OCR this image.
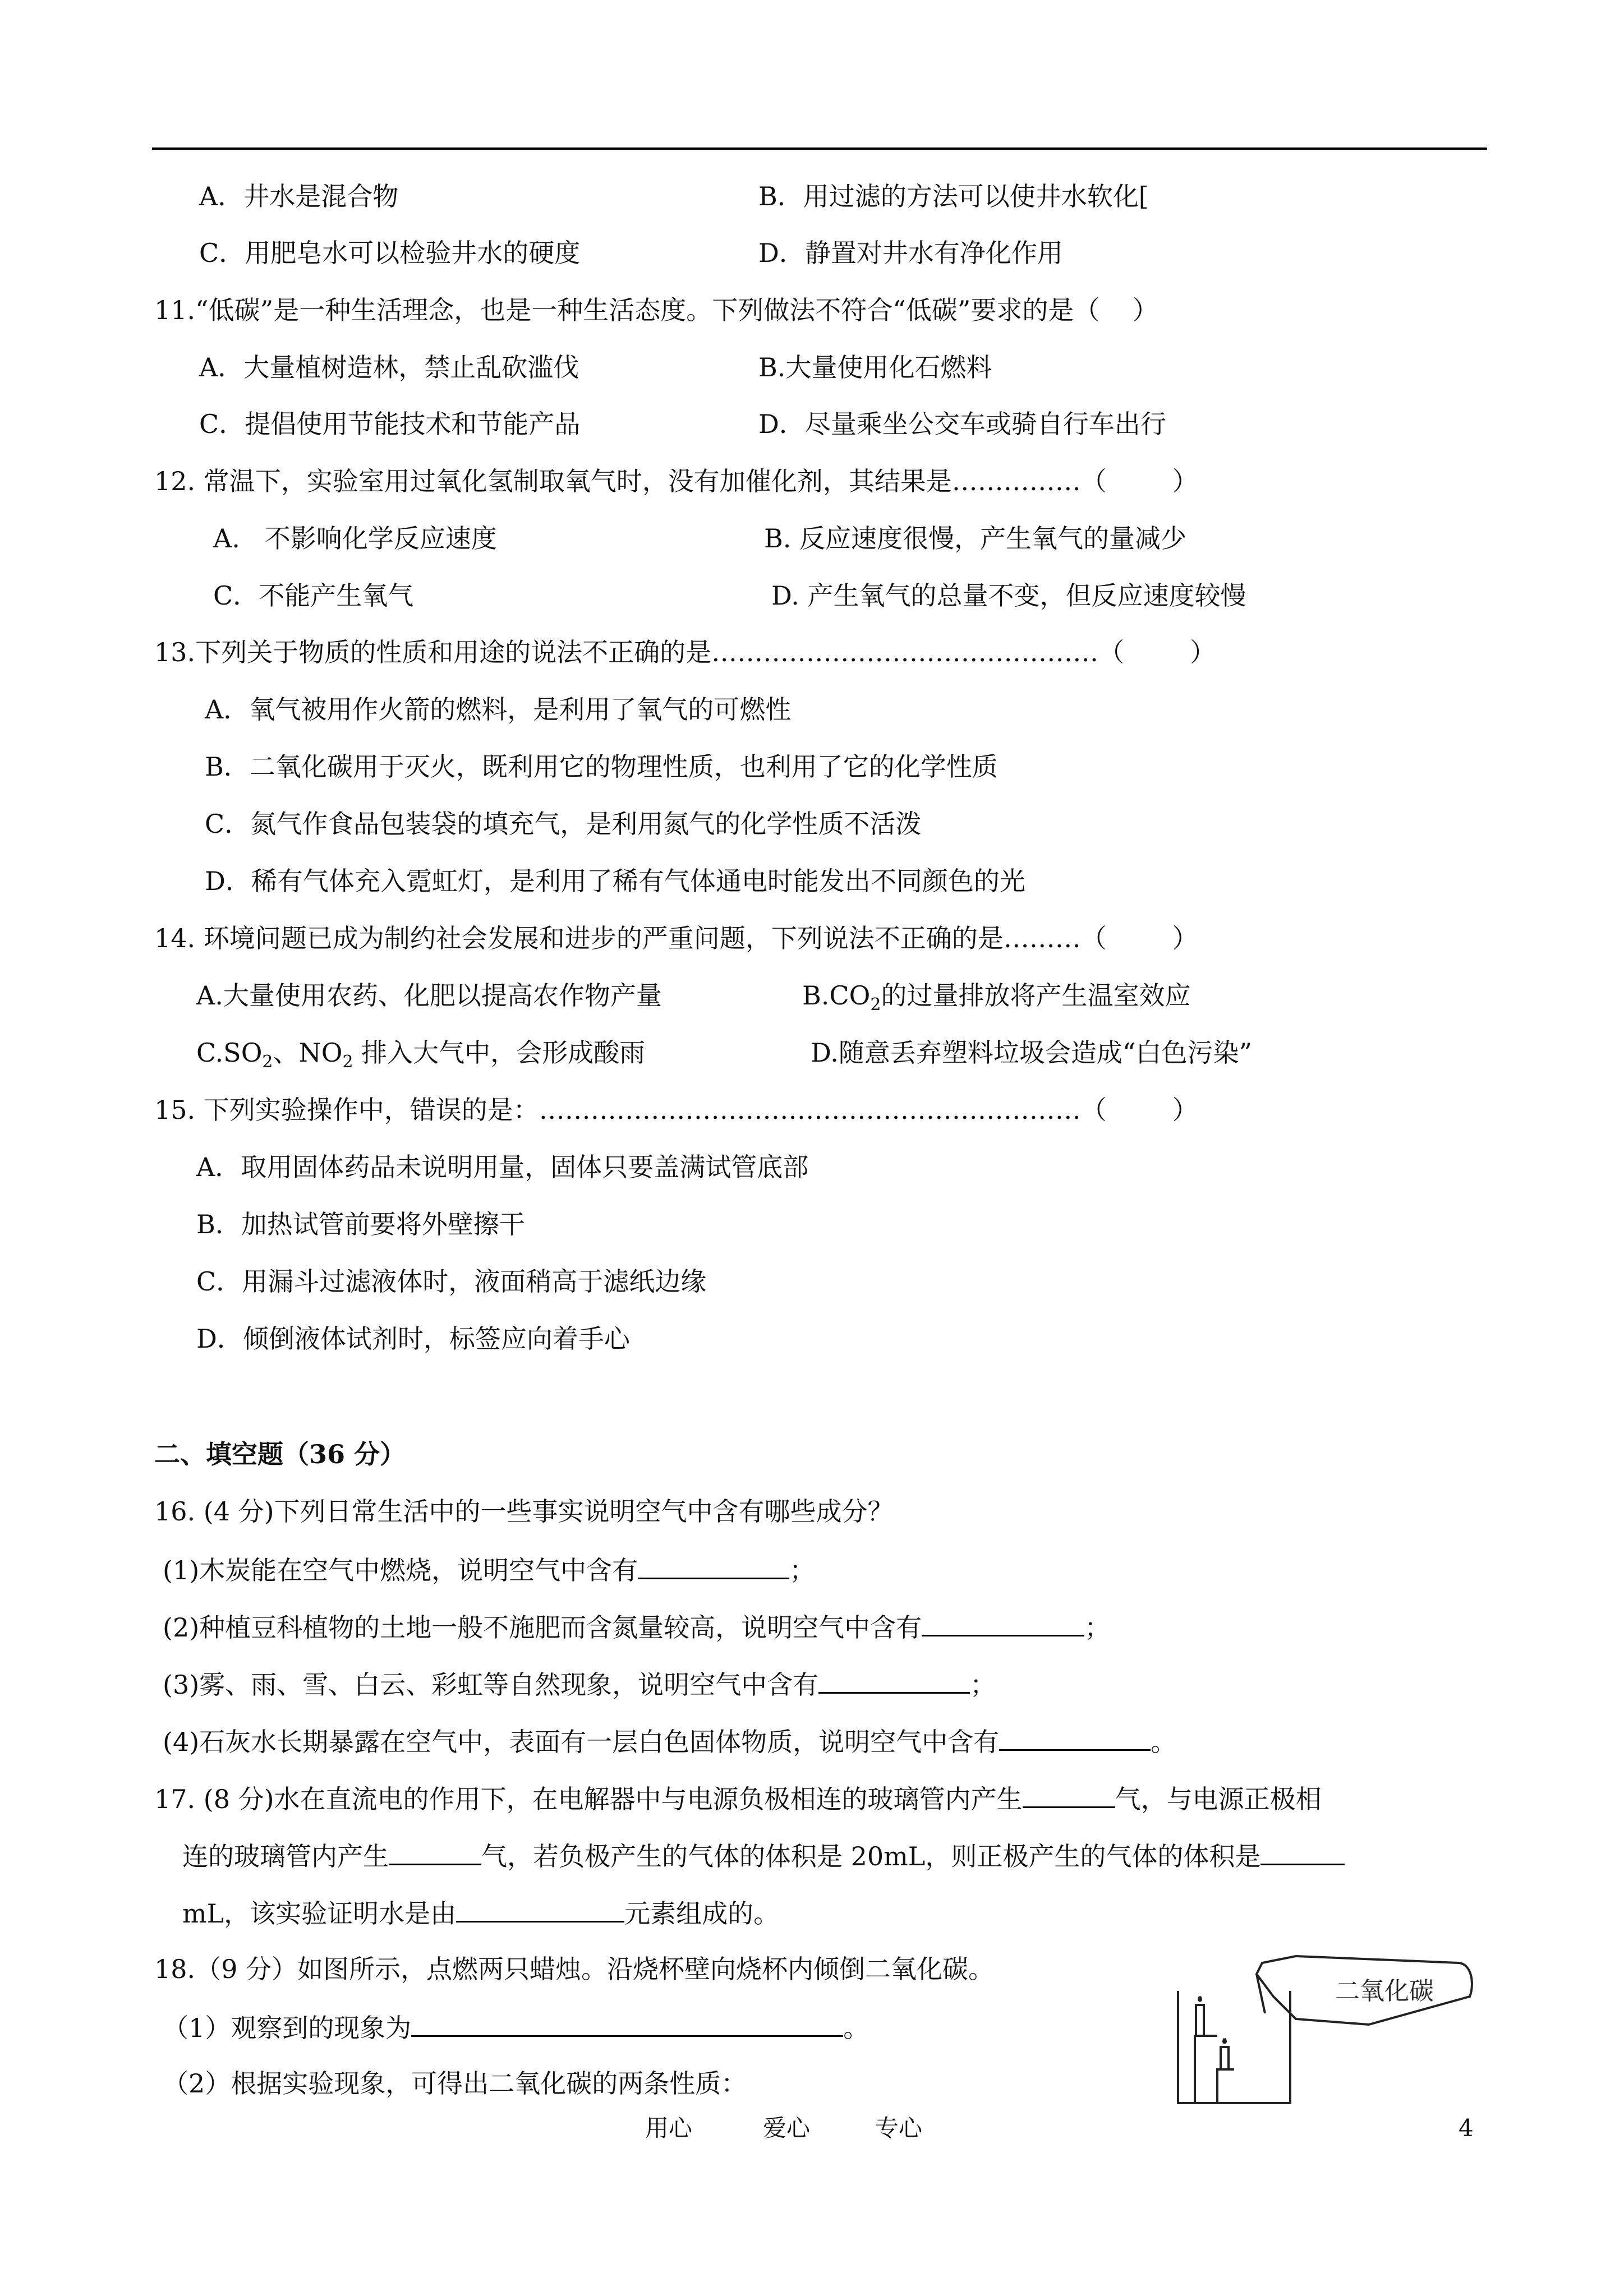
A．井水是混合物	B．用过滤的方法可以使井水软化[
C．用肥皂水可以检验井水的硬度	D．静置对井水有净化作用
11.“低碳”是一种生活理念，也是一种生活态度。下列做法不符合“低碳”要求的是（    ）
A．大量植树造林，禁止乱砍滥伐	B.大量使用化石燃料
C．提倡使用节能技术和节能产品	D．尽量乘坐公交车或骑自行车出行
12. 常温下，实验室用过氧化氢制取氧气时，没有加催化剂，其结果是……………（        ）
A.   不影响化学反应速度	B. 反应速度很慢，产生氧气的量减少
C．不能产生氧气	D. 产生氧气的总量不变，但反应速度较慢
13.下列关于物质的性质和用途的说法不正确的是………………………………………（        ）
A．氧气被用作火箭的燃料，是利用了氧气的可燃性
B．二氧化碳用于灭火，既利用它的物理性质，也利用了它的化学性质
C．氮气作食品包装袋的填充气，是利用氮气的化学性质不活泼
D．稀有气体充入霓虹灯，是利用了稀有气体通电时能发出不同颜色的光
14. 环境问题已成为制约社会发展和进步的严重问题，下列说法不正确的是………（        ）
A.大量使用农药、化肥以提高农作物产量	$B.CO_2$的过量排放将产生温室效应
$C.SO_2$、$NO_2$ 排入大气中，会形成酸雨	D.随意丢弃塑料垃圾会造成“白色污染”
15. 下列实验操作中，错误的是：………………………………………………………（        ）
A．取用固体药品未说明用量，固体只要盖满试管底部
B．加热试管前要将外壁擦干
C．用漏斗过滤液体时，液面稍高于滤纸边缘
D．倾倒液体试剂时，标签应向着手心
二、填空题（36 分）
16. (4 分)下列日常生活中的一些事实说明空气中含有哪些成分？
(1)木炭能在空气中燃烧，说明空气中含有	；
(2)种植豆科植物的土地一般不施肥而含氮量较高，说明空气中含有	；
(3)雾、雨、雪、白云、彩虹等自然现象，说明空气中含有	；
(4)石灰水长期暴露在空气中，表面有一层白色固体物质，说明空气中含有	。
17. (8 分)水在直流电的作用下，在电解器中与电源负极相连的玻璃管内产生	气，与电源正极相
连的玻璃管内产生	气，若负极产生的气体的体积是 20mL，则正极产生的气体的体积是
mL，该实验证明水是由	元素组成的。
18.（9 分）如图所示，点燃两只蜡烛。沿烧杯壁向烧杯内倾倒二氧化碳。
（1）观察到的现象为	。
（2）根据实验现象，可得出二氧化碳的两条性质：
二氧化碳
用心	爱心	专心	4
